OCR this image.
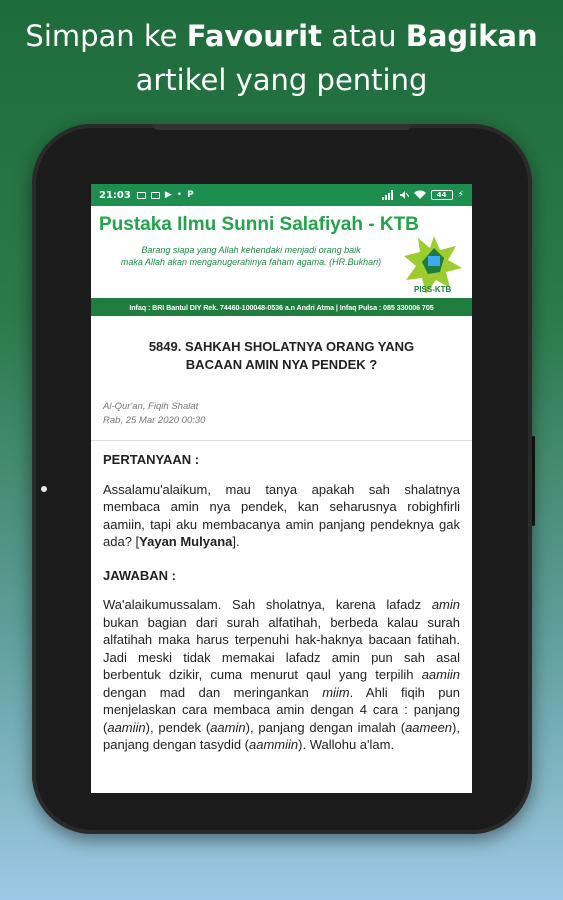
Simpan ke Favourit atau Bagikan
artikel yang penting
21:03	▶ • P	44	⚡
Pustaka Ilmu Sunni Salafiyah - KTB
Barang siapa yang Allah kehendaki menjadi orang baik
maka Allah akan menganugerahinya faham agama. (HR.Bukhari)
PISS-KTB
Infaq : BRI Bantul DIY Rek. 74460-100048-0536 a.n Andri Atma | Infaq Pulsa : 085 330006 705
5849. SAHKAH SHOLATNYA ORANG YANG
BACAAN AMIN NYA PENDEK ?
Al-Qur'an, Fiqih Shalat
Rab, 25 Mar 2020 00:30
PERTANYAAN :

Assalamu'alaikum, mau tanya apakah sah shalatnya membaca amin nya pendek, kan seharusnya robighfirli aamiin, tapi aku membacanya amin panjang pendeknya gak ada? [Yayan Mulyana].

JAWABAN :

Wa'alaikumussalam. Sah sholatnya, karena lafadz amin bukan bagian dari surah alfatihah, berbeda kalau surah alfatihah maka harus terpenuhi hak-haknya bacaan fatihah. Jadi meski tidak memakai lafadz amin pun sah asal berbentuk dzikir, cuma menurut qaul yang terpilih aamiin dengan mad dan meringankan miim. Ahli fiqih pun menjelaskan cara membaca amin dengan 4 cara : panjang (aamiin), pendek (aamin), panjang dengan imalah (aameen), panjang dengan tasydid (aammiin). Wallohu a'lam.
